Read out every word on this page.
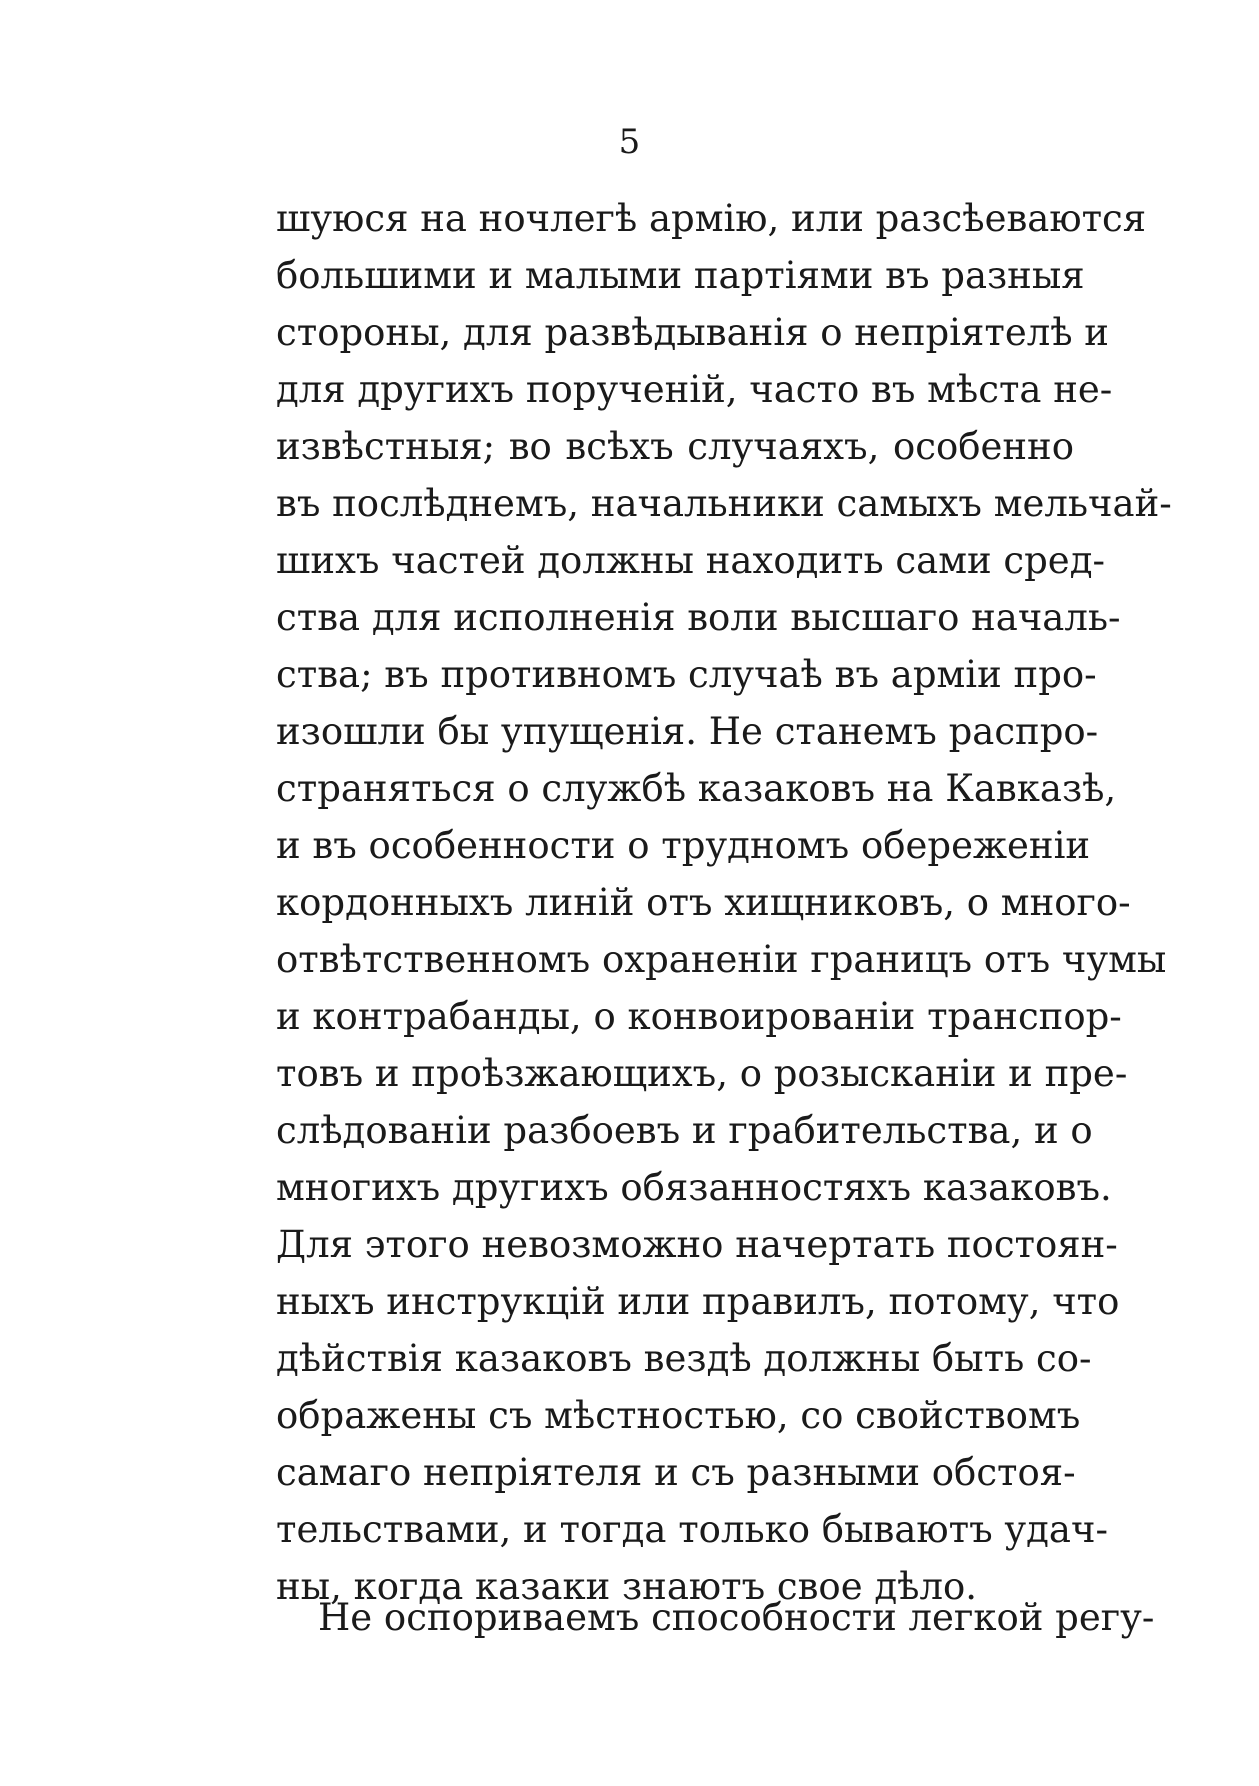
5
шуюся на ночлегѣ армію, или разсѣеваются
большими и малыми партіями въ разныя
стороны, для развѣдыванія о непріятелѣ и
для другихъ порученій, часто въ мѣста не-
извѣстныя; во всѣхъ случаяхъ, особенно
въ послѣднемъ, начальники самыхъ мельчай-
шихъ частей должны находить сами сред-
ства для исполненія воли высшаго началь-
ства; въ противномъ случаѣ въ арміи про-
изошли бы упущенія. Не станемъ распро-
страняться о службѣ казаковъ на Кавказѣ,
и въ особенности о трудномъ обереженіи
кордонныхъ линій отъ хищниковъ, о много-
отвѣтственномъ охраненіи границъ отъ чумы
и контрабанды, о конвоированіи транспор-
товъ и проѣзжающихъ, о розысканіи и пре-
слѣдованіи разбоевъ и грабительства, и о
многихъ другихъ обязанностяхъ казаковъ.
Для этого невозможно начертать постоян-
ныхъ инструкцій или правилъ, потому, что
дѣйствія казаковъ вездѣ должны быть со-
ображены съ мѣстностью, со свойствомъ
самаго непріятеля и съ разными обстоя-
тельствами, и тогда только бываютъ удач-
ны, когда казаки знаютъ свое дѣло.
Не оспориваемъ способности легкой регу-
